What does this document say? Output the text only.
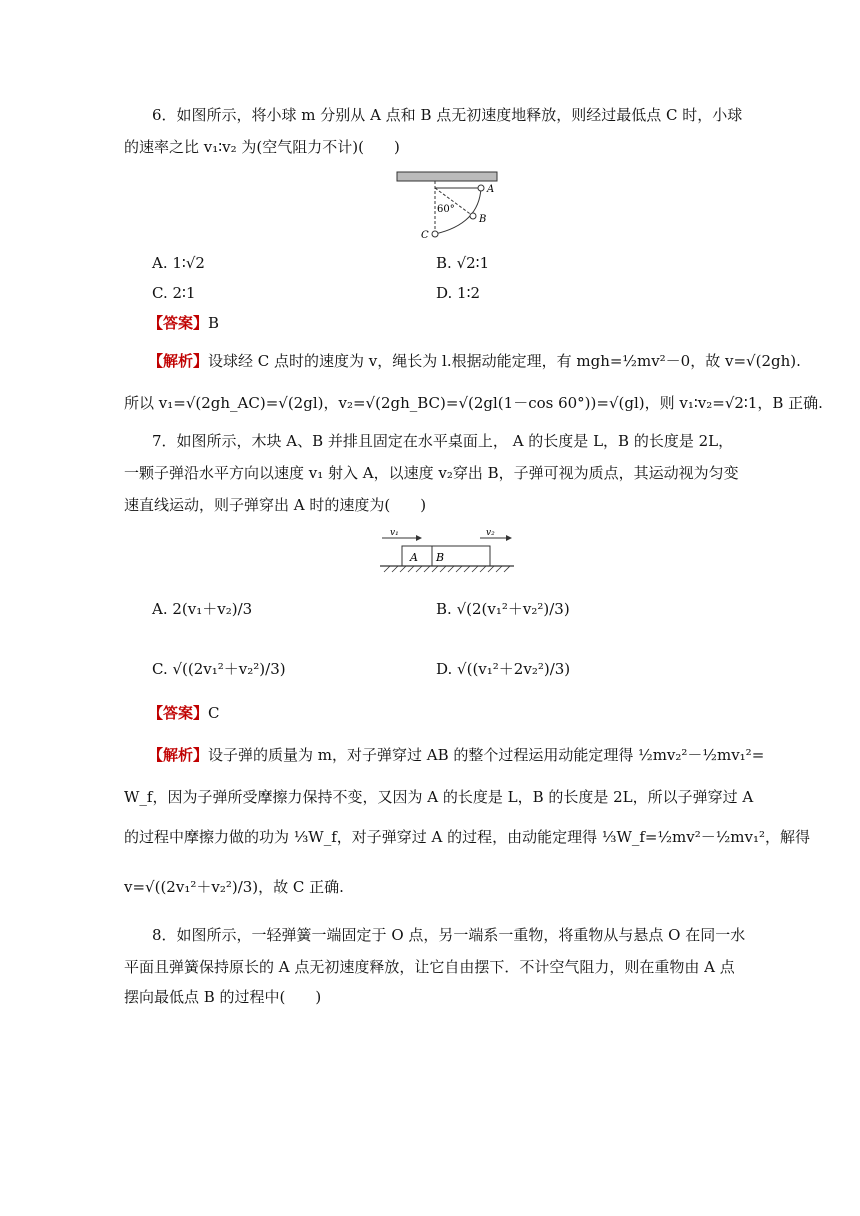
6．如图所示，将小球 m 分别从 A 点和 B 点无初速度地释放，则经过最低点 C 时，小球
的速率之比 v₁∶v₂ 为(空气阻力不计)(　　)
60°
A
B
C
A. 1∶√2	B. √2∶1
C. 2∶1	D. 1∶2
【答案】B
【解析】设球经 C 点时的速度为 v，绳长为 l.根据动能定理，有 mgh=½mv²－0，故 v=√(2gh).
所以 v₁=√(2gh_AC)=√(2gl)，v₂=√(2gh_BC)=√(2gl(1－cos 60°))=√(gl)，则 v₁∶v₂=√2∶1，B 正确.
7．如图所示，木块 A、B 并排且固定在水平桌面上， A 的长度是 L，B 的长度是 2L，
一颗子弹沿水平方向以速度 v₁ 射入 A，以速度 v₂穿出 B，子弹可视为质点，其运动视为匀变
速直线运动，则子弹穿出 A 时的速度为(　　)
v₁	v₂
A B
A. 2(v₁＋v₂)/3	B. √(2(v₁²＋v₂²)/3)
C. √((2v₁²＋v₂²)/3)	D. √((v₁²＋2v₂²)/3)
【答案】C
【解析】设子弹的质量为 m，对子弹穿过 AB 的整个过程运用动能定理得 ½mv₂²－½mv₁²=
W_f，因为子弹所受摩擦力保持不变，又因为 A 的长度是 L，B 的长度是 2L，所以子弹穿过 A
的过程中摩擦力做的功为 ⅓W_f，对子弹穿过 A 的过程，由动能定理得 ⅓W_f=½mv²－½mv₁²，解得
v=√((2v₁²＋v₂²)/3)，故 C 正确.
8．如图所示，一轻弹簧一端固定于 O 点，另一端系一重物，将重物从与悬点 O 在同一水
平面且弹簧保持原长的 A 点无初速度释放，让它自由摆下．不计空气阻力，则在重物由 A 点
摆向最低点 B 的过程中(　　)
